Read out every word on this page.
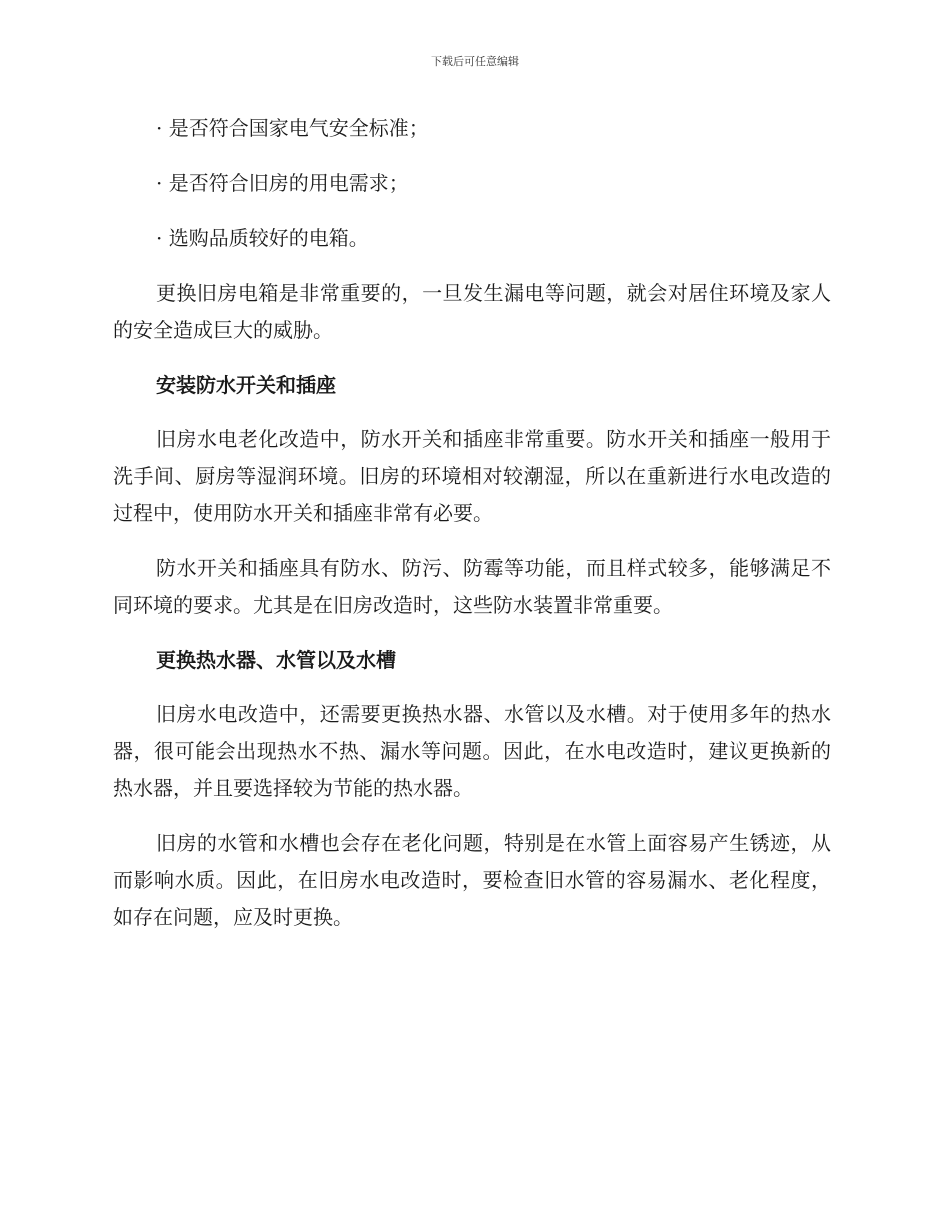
下载后可任意编辑
· 是否符合国家电气安全标准；
· 是否符合旧房的用电需求；
· 选购品质较好的电箱。

更换旧房电箱是非常重要的，一旦发生漏电等问题，就会对居住环境及家人的安全造成巨大的威胁。

安装防水开关和插座

旧房水电老化改造中，防水开关和插座非常重要。防水开关和插座一般用于洗手间、厨房等湿润环境。旧房的环境相对较潮湿，所以在重新进行水电改造的过程中，使用防水开关和插座非常有必要。

防水开关和插座具有防水、防污、防霉等功能，而且样式较多，能够满足不同环境的要求。尤其是在旧房改造时，这些防水装置非常重要。

更换热水器、水管以及水槽

旧房水电改造中，还需要更换热水器、水管以及水槽。对于使用多年的热水器，很可能会出现热水不热、漏水等问题。因此，在水电改造时，建议更换新的热水器，并且要选择较为节能的热水器。

旧房的水管和水槽也会存在老化问题，特别是在水管上面容易产生锈迹，从而影响水质。因此，在旧房水电改造时，要检查旧水管的容易漏水、老化程度，如存在问题，应及时更换。
